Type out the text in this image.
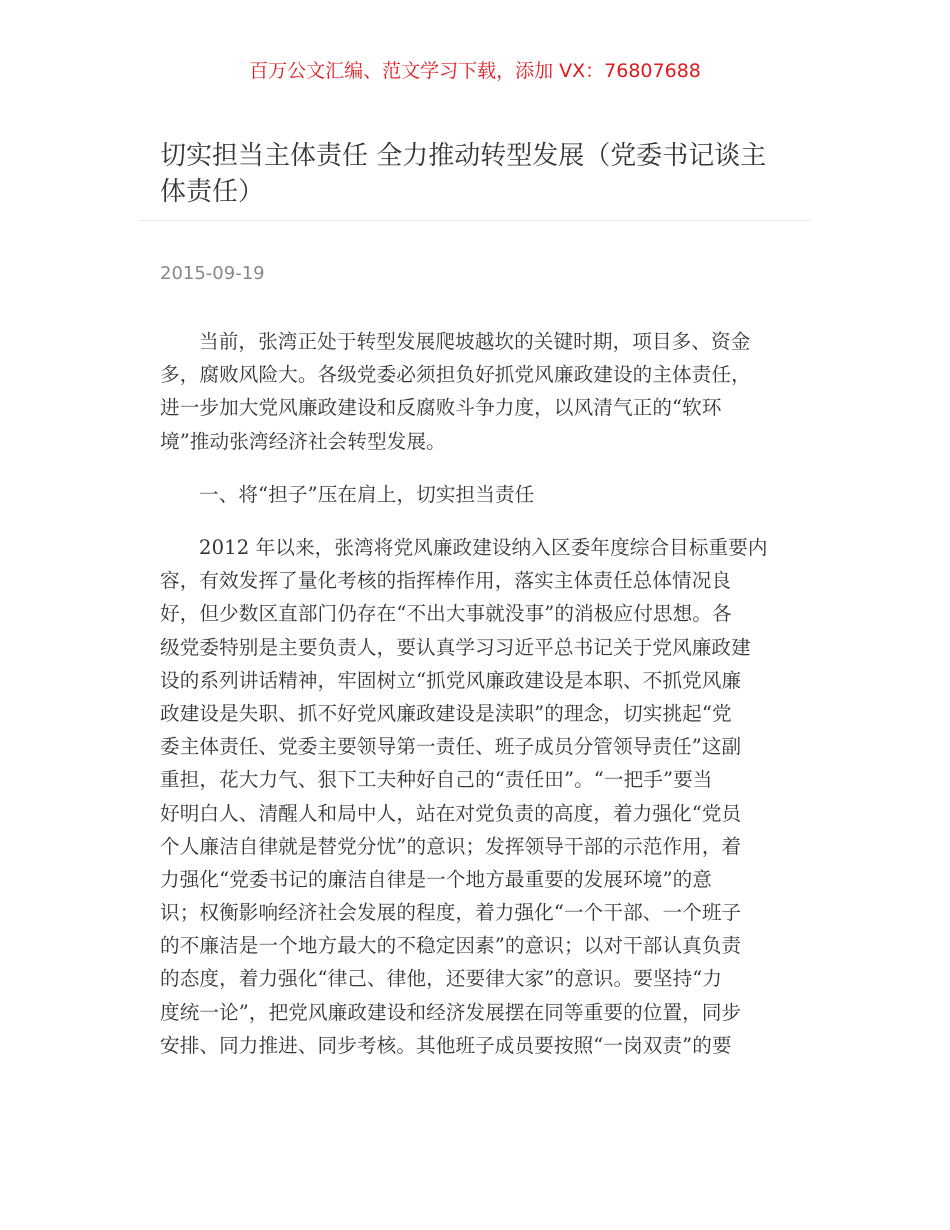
百万公文汇编、范文学习下载，添加 VX：76807688
切实担当主体责任 全力推动转型发展（党委书记谈主
体责任）
2015-09-19
当前，张湾正处于转型发展爬坡越坎的关键时期，项目多、资金
多，腐败风险大。各级党委必须担负好抓党风廉政建设的主体责任，
进一步加大党风廉政建设和反腐败斗争力度，以风清气正的“软环
境”推动张湾经济社会转型发展。
一、将“担子”压在肩上，切实担当责任
2012 年以来，张湾将党风廉政建设纳入区委年度综合目标重要内
容，有效发挥了量化考核的指挥棒作用，落实主体责任总体情况良
好，但少数区直部门仍存在“不出大事就没事”的消极应付思想。各
级党委特别是主要负责人，要认真学习习近平总书记关于党风廉政建
设的系列讲话精神，牢固树立“抓党风廉政建设是本职、不抓党风廉
政建设是失职、抓不好党风廉政建设是渎职”的理念，切实挑起“党
委主体责任、党委主要领导第一责任、班子成员分管领导责任”这副
重担，花大力气、狠下工夫种好自己的“责任田”。“一把手”要当
好明白人、清醒人和局中人，站在对党负责的高度，着力强化“党员
个人廉洁自律就是替党分忧”的意识；发挥领导干部的示范作用，着
力强化“党委书记的廉洁自律是一个地方最重要的发展环境”的意
识；权衡影响经济社会发展的程度，着力强化“一个干部、一个班子
的不廉洁是一个地方最大的不稳定因素”的意识；以对干部认真负责
的态度，着力强化“律己、律他，还要律大家”的意识。要坚持“力
度统一论”，把党风廉政建设和经济发展摆在同等重要的位置，同步
安排、同力推进、同步考核。其他班子成员要按照“一岗双责”的要
